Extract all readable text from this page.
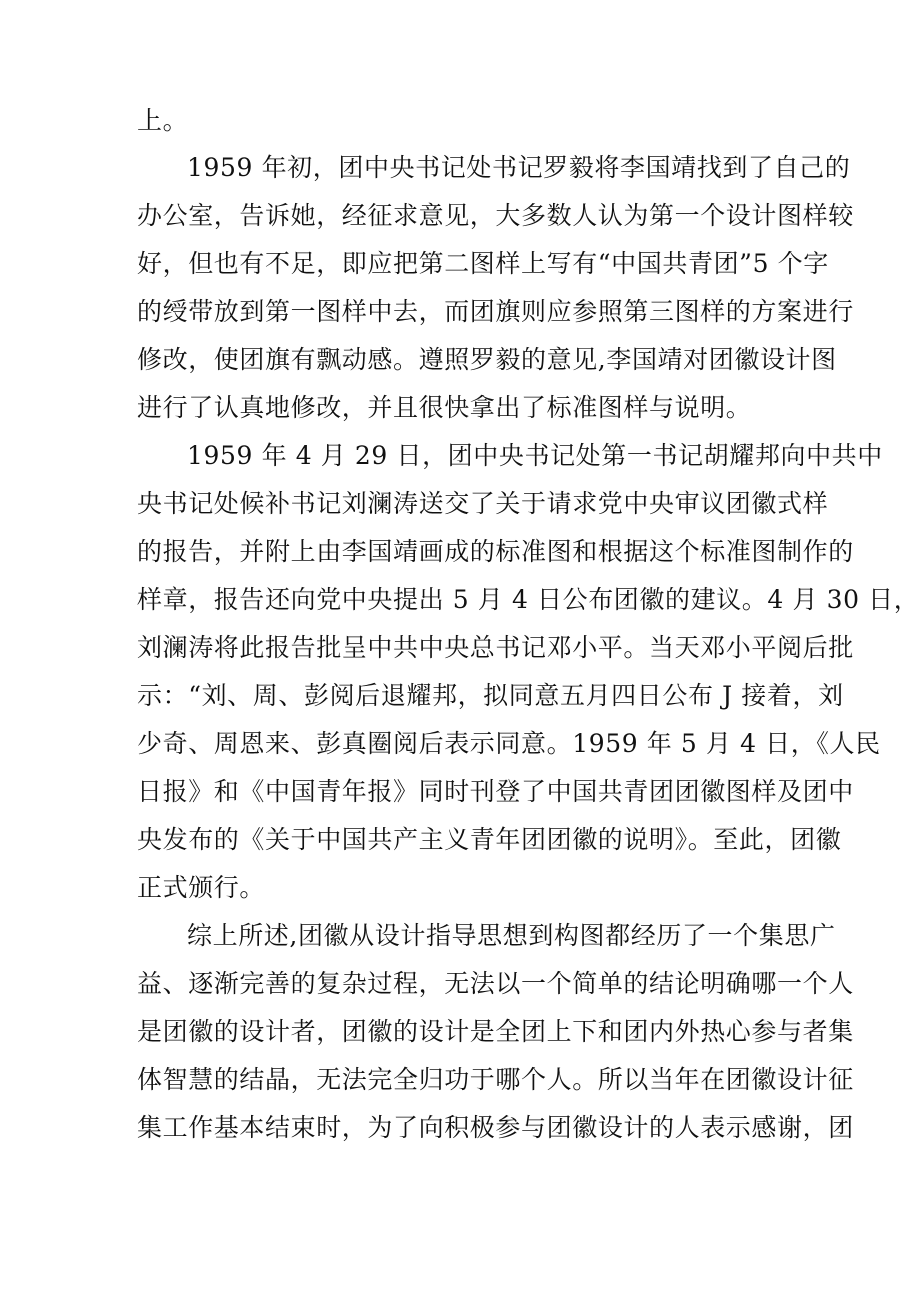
上。
1959 年初，团中央书记处书记罗毅将李国靖找到了自己的
办公室，告诉她，经征求意见，大多数人认为第一个设计图样较
好，但也有不足，即应把第二图样上写有“中国共青团”5 个字
的绶带放到第一图样中去，而团旗则应参照第三图样的方案进行
修改，使团旗有飘动感。遵照罗毅的意见,李国靖对团徽设计图
进行了认真地修改，并且很快拿出了标准图样与说明。
1959 年 4 月 29 日，团中央书记处第一书记胡耀邦向中共中
央书记处候补书记刘澜涛送交了关于请求党中央审议团徽式样
的报告，并附上由李国靖画成的标准图和根据这个标准图制作的
样章，报告还向党中央提出 5 月 4 日公布团徽的建议。4 月 30 日，
刘澜涛将此报告批呈中共中央总书记邓小平。当天邓小平阅后批
示：“刘、周、彭阅后退耀邦，拟同意五月四日公布 J 接着，刘
少奇、周恩来、彭真圈阅后表示同意。1959 年 5 月 4 日，《人民
日报》和《中国青年报》同时刊登了中国共青团团徽图样及团中
央发布的《关于中国共产主义青年团团徽的说明》。至此，团徽
正式颁行。
综上所述,团徽从设计指导思想到构图都经历了一个集思广
益、逐渐完善的复杂过程，无法以一个简单的结论明确哪一个人
是团徽的设计者，团徽的设计是全团上下和团内外热心参与者集
体智慧的结晶，无法完全归功于哪个人。所以当年在团徽设计征
集工作基本结束时，为了向积极参与团徽设计的人表示感谢，团
